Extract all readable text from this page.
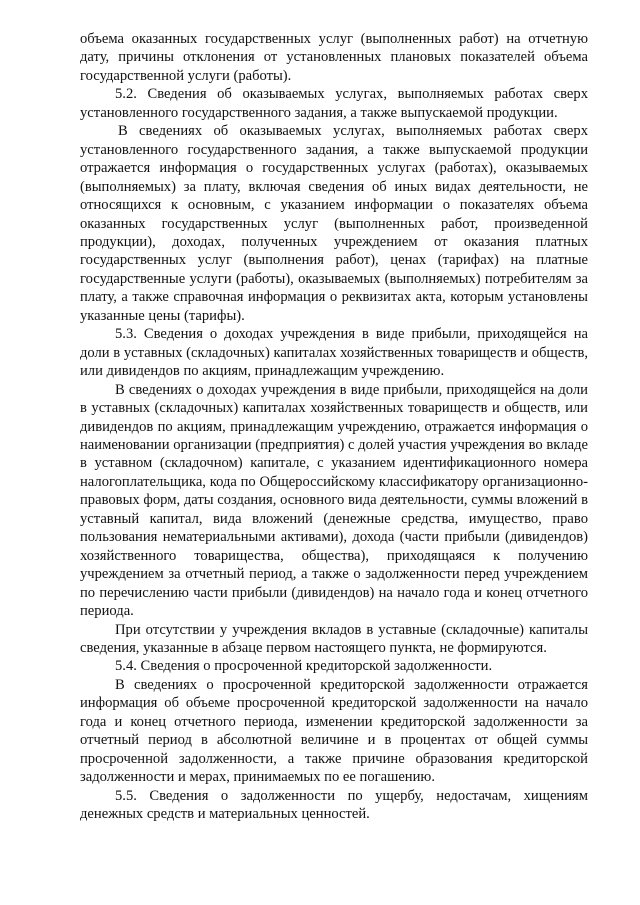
объема оказанных государственных услуг (выполненных работ) на отчетную дату, причины отклонения от установленных плановых показателей объема государственной услуги (работы).

5.2. Сведения об оказываемых услугах, выполняемых работах сверх установленного государственного задания, а также выпускаемой продукции.

В сведениях об оказываемых услугах, выполняемых работах сверх установленного государственного задания, а также выпускаемой продукции отражается информация о государственных услугах (работах), оказываемых (выполняемых) за плату, включая сведения об иных видах деятельности, не относящихся к основным, с указанием информации о показателях объема оказанных государственных услуг (выполненных работ, произведенной продукции), доходах, полученных учреждением от оказания платных государственных услуг (выполнения работ), ценах (тарифах) на платные государственные услуги (работы), оказываемых (выполняемых) потребителям за плату, а также справочная информация о реквизитах акта, которым установлены указанные цены (тарифы).

5.3. Сведения о доходах учреждения в виде прибыли, приходящейся на доли в уставных (складочных) капиталах хозяйственных товариществ и обществ, или дивидендов по акциям, принадлежащим учреждению.

В сведениях о доходах учреждения в виде прибыли, приходящейся на доли в уставных (складочных) капиталах хозяйственных товариществ и обществ, или дивидендов по акциям, принадлежащим учреждению, отражается информация о наименовании организации (предприятия) с долей участия учреждения во вкладе в уставном (складочном) капитале, с указанием идентификационного номера налогоплательщика, кода по Общероссийскому классификатору организационно-правовых форм, даты создания, основного вида деятельности, суммы вложений в уставный капитал, вида вложений (денежные средства, имущество, право пользования нематериальными активами), дохода (части прибыли (дивидендов) хозяйственного товарищества, общества), приходящаяся к получению учреждением за отчетный период, а также о задолженности перед учреждением по перечислению части прибыли (дивидендов) на начало года и конец отчетного периода.

При отсутствии у учреждения вкладов в уставные (складочные) капиталы сведения, указанные в абзаце первом настоящего пункта, не формируются.

5.4. Сведения о просроченной кредиторской задолженности.

В сведениях о просроченной кредиторской задолженности отражается информация об объеме просроченной кредиторской задолженности на начало года и конец отчетного периода, изменении кредиторской задолженности за отчетный период в абсолютной величине и в процентах от общей суммы просроченной задолженности, а также причине образования кредиторской задолженности и мерах, принимаемых по ее погашению.

5.5. Сведения о задолженности по ущербу, недостачам, хищениям денежных средств и материальных ценностей.
